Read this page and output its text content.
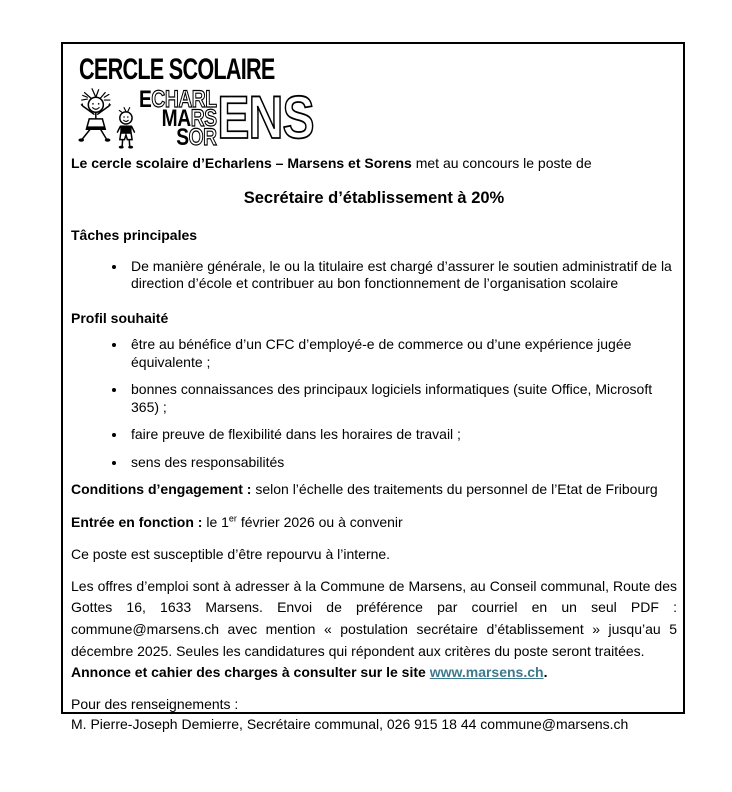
CERCLE SCOLAIRE
ECHARL
MARS
SOR ENS

Le cercle scolaire d’Echarlens – Marsens et Sorens met au concours le poste de

Secrétaire d’établissement à 20%

Tâches principales

• De manière générale, le ou la titulaire est chargé d’assurer le soutien administratif de la direction d’école et contribuer au bon fonctionnement de l’organisation scolaire

Profil souhaité

• être au bénéfice d’un CFC d’employé-e de commerce ou d’une expérience jugée équivalente ;
• bonnes connaissances des principaux logiciels informatiques (suite Office, Microsoft 365) ;
• faire preuve de flexibilité dans les horaires de travail ;
• sens des responsabilités

Conditions d’engagement : selon l’échelle des traitements du personnel de l’Etat de Fribourg

Entrée en fonction : le 1er février 2026 ou à convenir

Ce poste est susceptible d’être repourvu à l’interne.

Les offres d’emploi sont à adresser à la Commune de Marsens, au Conseil communal, Route des Gottes 16, 1633 Marsens. Envoi de préférence par courriel en un seul PDF : commune@marsens.ch avec mention « postulation secrétaire d’établissement » jusqu’au 5 décembre 2025. Seules les candidatures qui répondent aux critères du poste seront traitées.

Annonce et cahier des charges à consulter sur le site www.marsens.ch.

Pour des renseignements :

M. Pierre-Joseph Demierre, Secrétaire communal, 026 915 18 44 commune@marsens.ch
